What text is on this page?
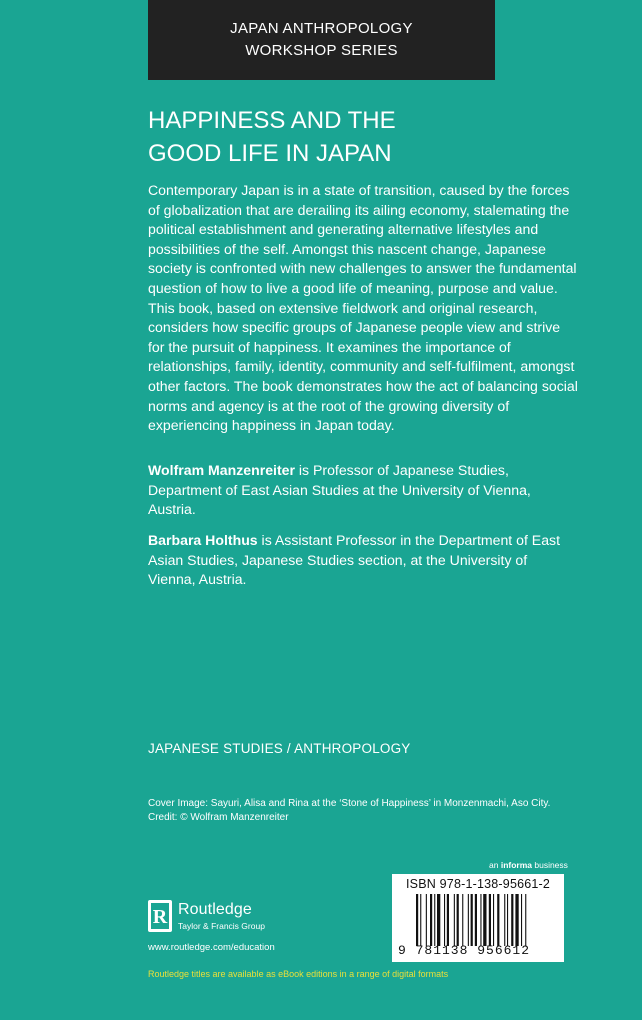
JAPAN ANTHROPOLOGY
WORKSHOP SERIES
HAPPINESS AND THE
GOOD LIFE IN JAPAN

Contemporary Japan is in a state of transition, caused by the forces of globalization that are derailing its ailing economy, stalemating the political establishment and generating alternative lifestyles and possibilities of the self. Amongst this nascent change, Japanese society is confronted with new challenges to answer the fundamental question of how to live a good life of meaning, purpose and value. This book, based on extensive fieldwork and original research, considers how specific groups of Japanese people view and strive for the pursuit of happiness. It examines the importance of relationships, family, identity, community and self-fulfilment, amongst other factors. The book demonstrates how the act of balancing social norms and agency is at the root of the growing diversity of experiencing happiness in Japan today.

Wolfram Manzenreiter is Professor of Japanese Studies, Department of East Asian Studies at the University of Vienna, Austria.

Barbara Holthus is Assistant Professor in the Department of East Asian Studies, Japanese Studies section, at the University of Vienna, Austria.

JAPANESE STUDIES / ANTHROPOLOGY
Cover Image: Sayuri, Alisa and Rina at the ‘Stone of Happiness’ in Monzenmachi, Aso City.
Credit: © Wolfram Manzenreiter
an informa business
ISBN 978-1-138-95661-2
9 781138 956612
R Routledge
Taylor & Francis Group
www.routledge.com/education
Routledge titles are available as eBook editions in a range of digital formats
